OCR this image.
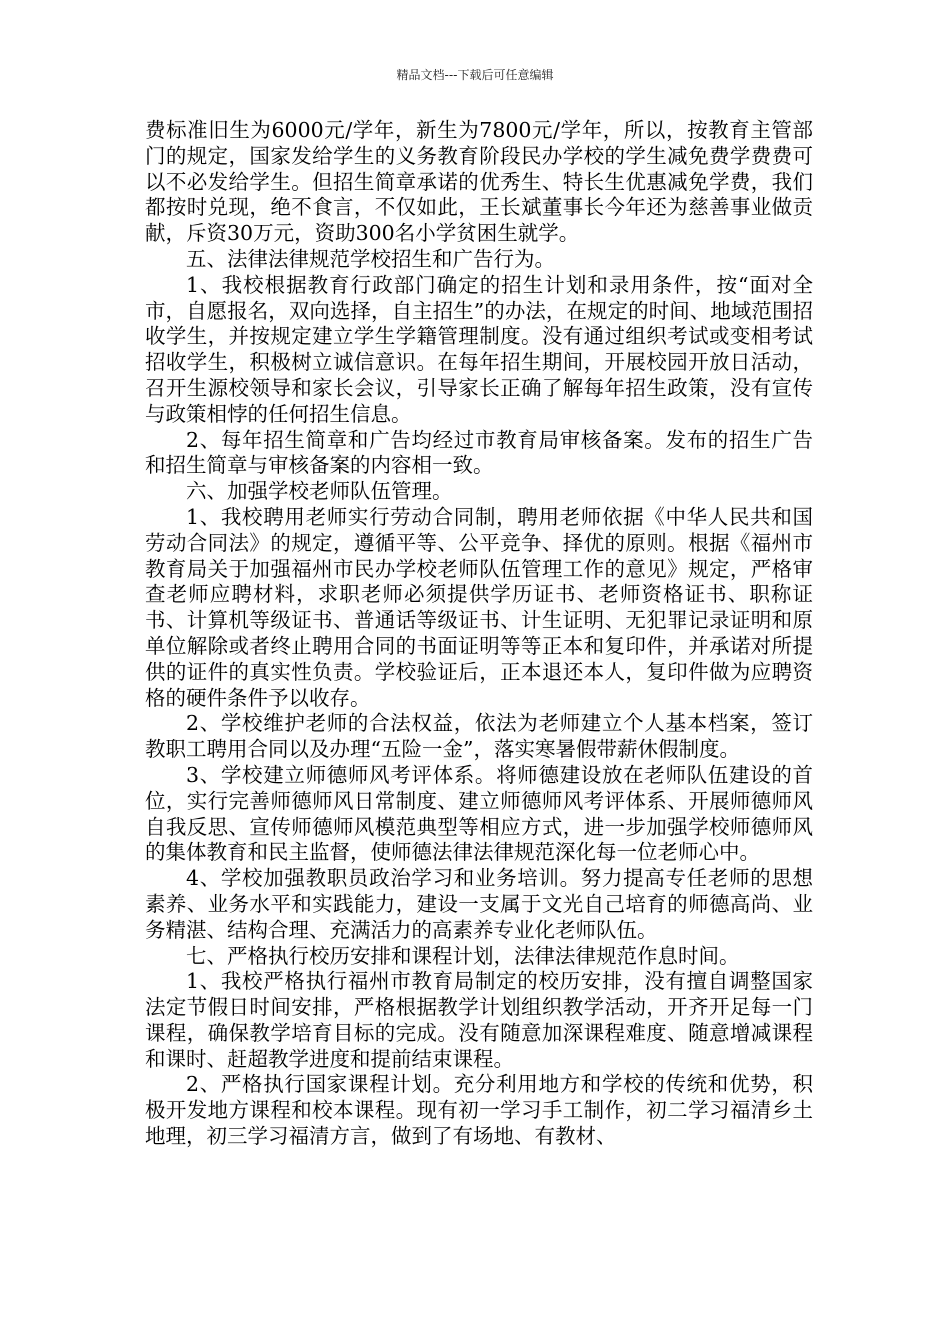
精品文档---下载后可任意编辑

费标准旧生为6000元/学年，新生为7800元/学年，所以，按教育主管部门的规定，国家发给学生的义务教育阶段民办学校的学生减免费学费费可以不必发给学生。但招生简章承诺的优秀生、特长生优惠减免学费，我们都按时兑现，绝不食言，不仅如此，王长斌董事长今年还为慈善事业做贡献，斥资30万元，资助300名小学贫困生就学。

五、法律法律规范学校招生和广告行为。

1、我校根据教育行政部门确定的招生计划和录用条件，按“面对全市，自愿报名，双向选择，自主招生”的办法，在规定的时间、地域范围招收学生，并按规定建立学生学籍管理制度。没有通过组织考试或变相考试招收学生，积极树立诚信意识。在每年招生期间，开展校园开放日活动，召开生源校领导和家长会议，引导家长正确了解每年招生政策，没有宣传与政策相悖的任何招生信息。

2、每年招生简章和广告均经过市教育局审核备案。发布的招生广告和招生简章与审核备案的内容相一致。

六、加强学校老师队伍管理。

1、我校聘用老师实行劳动合同制，聘用老师依据《中华人民共和国劳动合同法》的规定，遵循平等、公平竞争、择优的原则。根据《福州市教育局关于加强福州市民办学校老师队伍管理工作的意见》规定，严格审查老师应聘材料，求职老师必须提供学历证书、老师资格证书、职称证书、计算机等级证书、普通话等级证书、计生证明、无犯罪记录证明和原单位解除或者终止聘用合同的书面证明等等正本和复印件，并承诺对所提供的证件的真实性负责。学校验证后，正本退还本人，复印件做为应聘资格的硬件条件予以收存。

2、学校维护老师的合法权益，依法为老师建立个人基本档案，签订教职工聘用合同以及办理“五险一金”，落实寒暑假带薪休假制度。

3、学校建立师德师风考评体系。将师德建设放在老师队伍建设的首位，实行完善师德师风日常制度、建立师德师风考评体系、开展师德师风自我反思、宣传师德师风模范典型等相应方式，进一步加强学校师德师风的集体教育和民主监督，使师德法律法律规范深化每一位老师心中。

4、学校加强教职员政治学习和业务培训。努力提高专任老师的思想素养、业务水平和实践能力，建设一支属于文光自己培育的师德高尚、业务精湛、结构合理、充满活力的高素养专业化老师队伍。

七、严格执行校历安排和课程计划，法律法律规范作息时间。

1、我校严格执行福州市教育局制定的校历安排，没有擅自调整国家法定节假日时间安排，严格根据教学计划组织教学活动，开齐开足每一门课程，确保教学培育目标的完成。没有随意加深课程难度、随意增减课程和课时、赶超教学进度和提前结束课程。

2、严格执行国家课程计划。充分利用地方和学校的传统和优势，积极开发地方课程和校本课程。现有初一学习手工制作，初二学习福清乡土地理，初三学习福清方言，做到了有场地、有教材、
